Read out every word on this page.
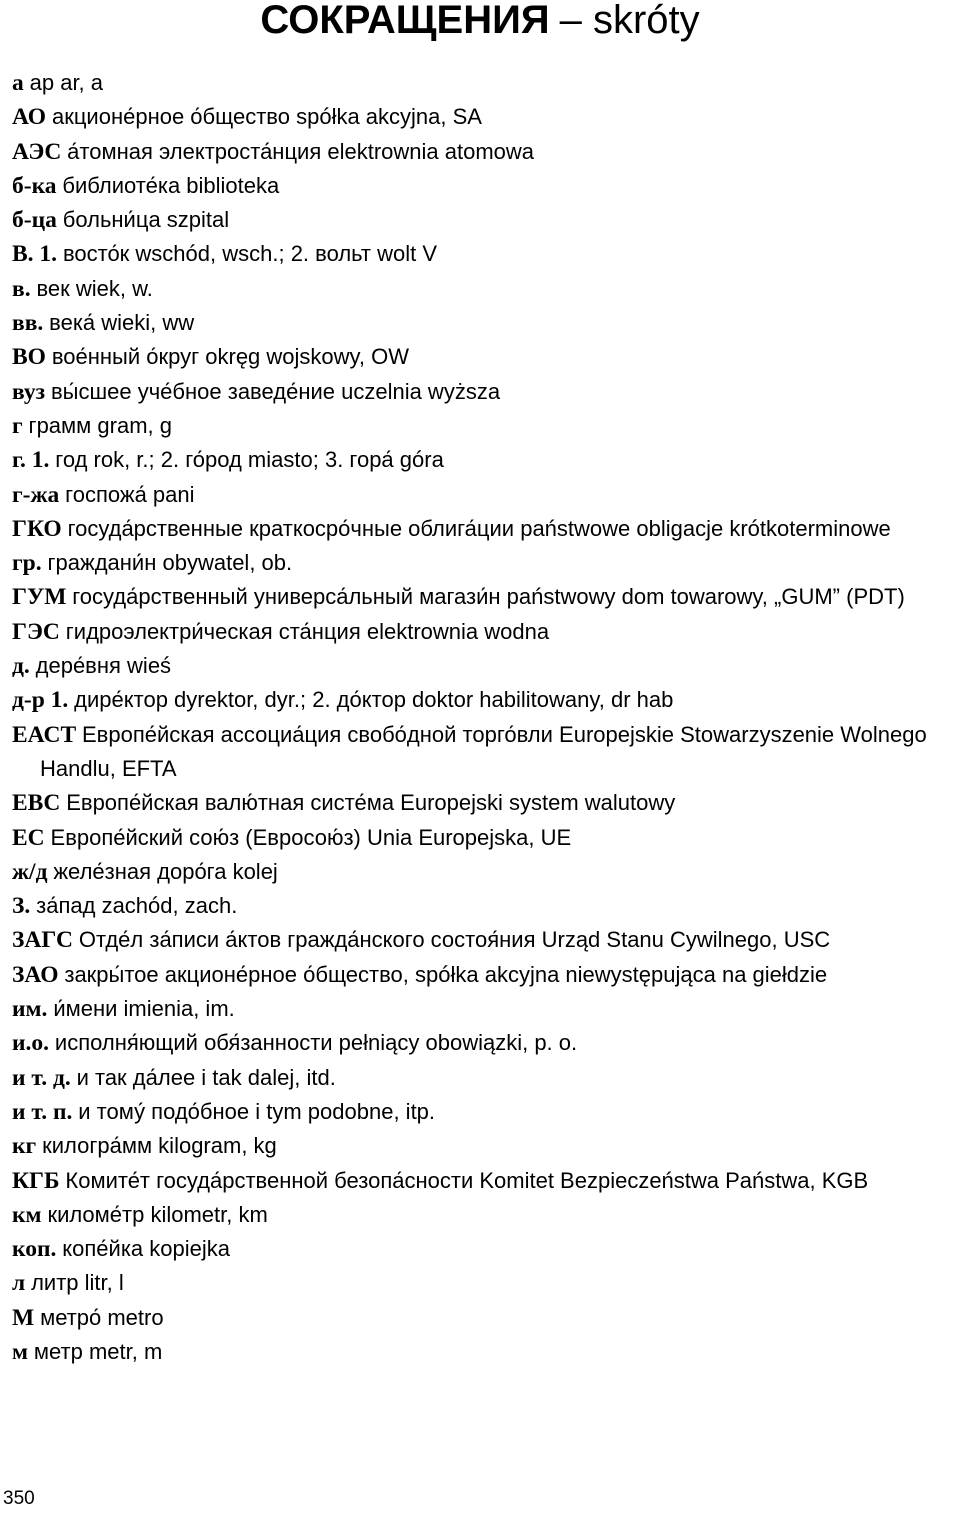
СОКРАЩЕНИЯ – skróty
а ар ar, a
АО акционе́рное о́бщество spółka akcyjna, SA
АЭС а́томная электроста́нция elektrownia atomowa
б-ка библиоте́ка biblioteka
б-ца больни́ца szpital
В. 1. восто́к wschód, wsch.; 2. вольт wolt V
в. век wiek, w.
вв. века́ wieki, ww
ВО вое́нный о́круг okręg wojskowy, OW
вуз вы́сшее уче́бное заведе́ние uczelnia wyższa
г грамм gram, g
г. 1. год rok, r.; 2. го́род miasto; 3. гора́ góra
г-жа госпожа́ pani
ГКО госуда́рственные краткосро́чные облига́ции państwowe obligacje krótkoterminowe
гр. граждани́н obywatel, ob.
ГУМ госуда́рственный универса́льный магази́н państwowy dom towarowy, „GUM” (PDT)
ГЭС гидроэлектри́ческая ста́нция elektrownia wodna
д. дере́вня wieś
д-р 1. дире́ктор dyrektor, dyr.; 2. до́ктор doktor habilitowany, dr hab
ЕАСТ Европе́йская ассоциа́ция свобо́дной торго́вли Europejskie Stowarzyszenie Wolnego Handlu, EFTA
ЕВС Европе́йская валю́тная систе́ма Europejski system walutowy
ЕС Европе́йский сою́з (Евросою́з) Unia Europejska, UE
ж/д желе́зная доро́га kolej
З. за́пад zachód, zach.
ЗАГС Отде́л за́писи а́ктов гражда́нского состоя́ния Urząd Stanu Cywilnego, USC
ЗАО закры́тое акционе́рное о́бщество, spółka akcyjna niewystępująca na giełdzie
им. и́мени imienia, im.
и.о. исполня́ющий обя́занности pełniący obowiązki, p. o.
и т. д. и так да́лее i tak dalej, itd.
и т. п. и тому́ подо́бное i tym podobne, itp.
кг килогра́мм kilogram, kg
КГБ Комите́т госуда́рственной безопа́сности Komitet Bezpieczeństwa Państwa, KGB
км киломе́тр kilometr, km
коп. копе́йка kopiejka
л литр litr, l
М метро́ metro
м метр metr, m
350
